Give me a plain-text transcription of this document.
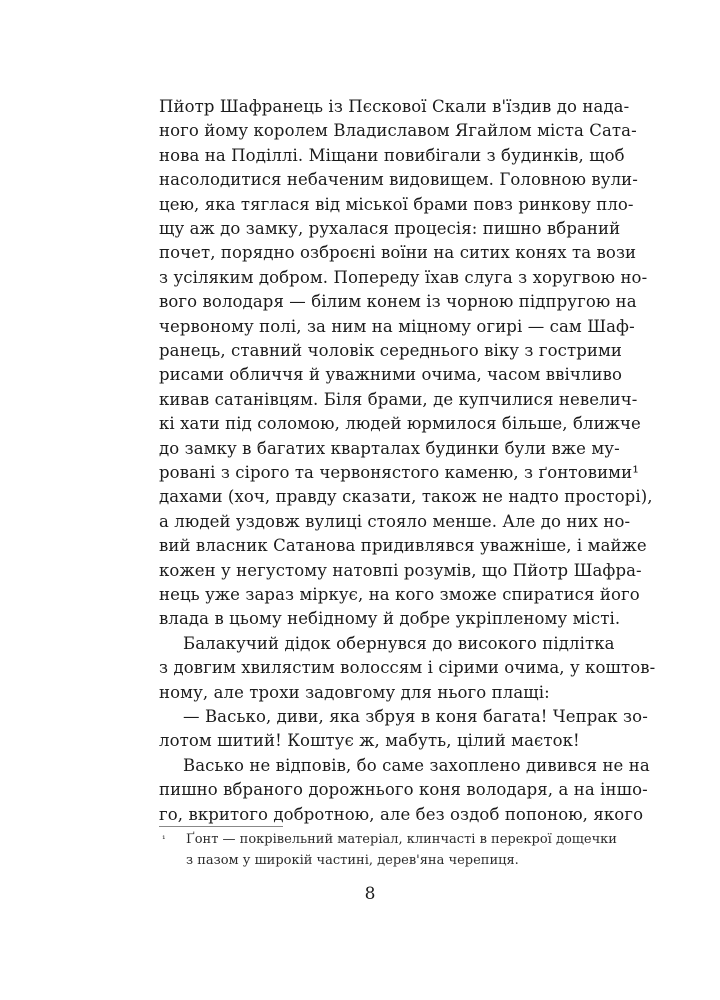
Пйотр Шафранець із Пєскової Скали в'їздив до нада-
ного йому королем Владиславом Ягайлом міста Сата-
нова на Поділлі. Міщани повибігали з будинків, щоб
насолодитися небаченим видовищем. Головною вули-
цею, яка тяглася від міської брами повз ринкову пло-
щу аж до замку, рухалася процесія: пишно вбраний
почет, порядно озброєні воїни на ситих конях та вози
з усіляким добром. Попереду їхав слуга з хоругвою но-
вого володаря — білим конем із чорною підпругою на
червоному полі, за ним на міцному огирі — сам Шаф-
ранець, ставний чоловік середнього віку з гострими
рисами обличчя й уважними очима, часом ввічливо
кивав сатанівцям. Біля брами, де купчилися невелич-
кі хати під соломою, людей юрмилося більше, ближче
до замку в багатих кварталах будинки були вже му-
ровані з сірого та червонястого каменю, з ґонтовими¹
дахами (хоч, правду сказати, також не надто просторі),
а людей уздовж вулиці стояло менше. Але до них но-
вий власник Сатанова придивлявся уважніше, і майже
кожен у негустому натовпі розумів, що Пйотр Шафра-
нець уже зараз міркує, на кого зможе спиратися його
влада в цьому небідному й добре укріпленому місті.
Балакучий дідок обернувся до високого підлітка
з довгим хвилястим волоссям і сірими очима, у коштов-
ному, але трохи задовгому для нього плащі:
— Васько, диви, яка збруя в коня багата! Чепрак зо-
лотом шитий! Коштує ж, мабуть, цілий маєток!
Васько не відповів, бо саме захоплено дивився не на
пишно вбраного дорожнього коня володаря, а на іншо-
го, вкритого добротною, але без оздоб попоною, якого
¹ Ґонт — покрівельний матеріал, клинчасті в перекрої дощечки
з пазом у широкій частині, дерев'яна черепиця.
8
